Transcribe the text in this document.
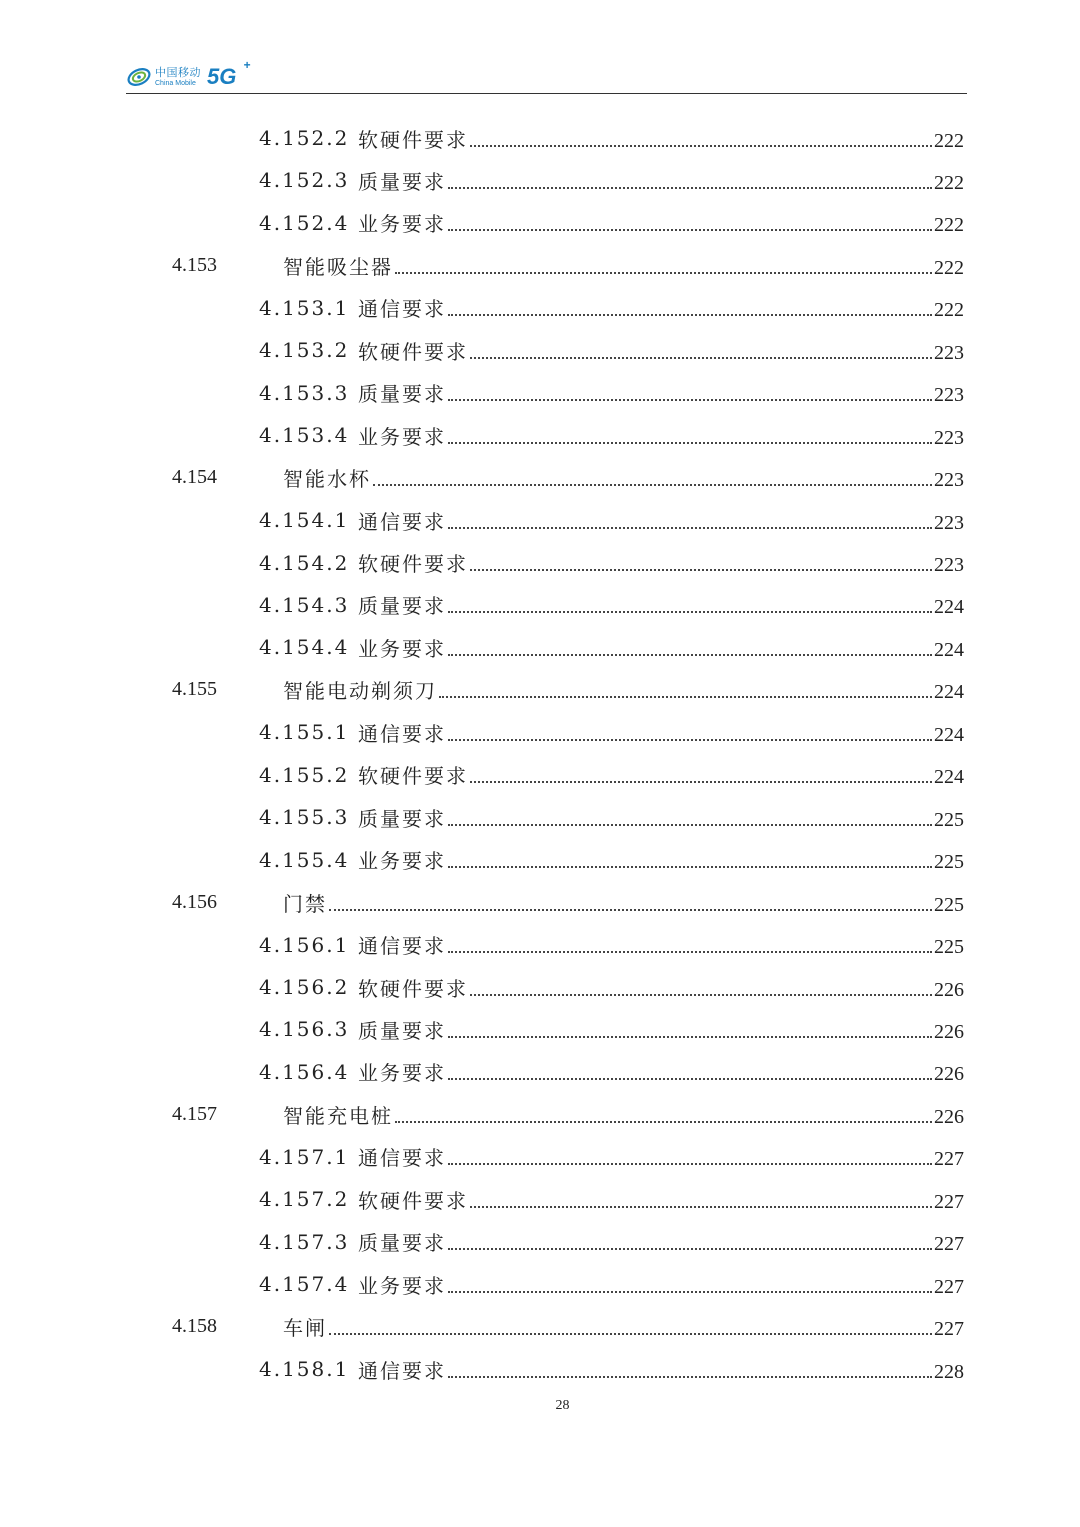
中国移动
China Mobile 5G +
4.152.2 软硬件要求	222
4.152.3 质量要求	222
4.152.4 业务要求	222
4.153	智能吸尘器	222
4.153.1 通信要求	222
4.153.2 软硬件要求	223
4.153.3 质量要求	223
4.153.4 业务要求	223
4.154	智能水杯	223
4.154.1 通信要求	223
4.154.2 软硬件要求	223
4.154.3 质量要求	224
4.154.4 业务要求	224
4.155	智能电动剃须刀	224
4.155.1 通信要求	224
4.155.2 软硬件要求	224
4.155.3 质量要求	225
4.155.4 业务要求	225
4.156	门禁	225
4.156.1 通信要求	225
4.156.2 软硬件要求	226
4.156.3 质量要求	226
4.156.4 业务要求	226
4.157	智能充电桩	226
4.157.1 通信要求	227
4.157.2 软硬件要求	227
4.157.3 质量要求	227
4.157.4 业务要求	227
4.158	车闸	227
4.158.1 通信要求	228
28
